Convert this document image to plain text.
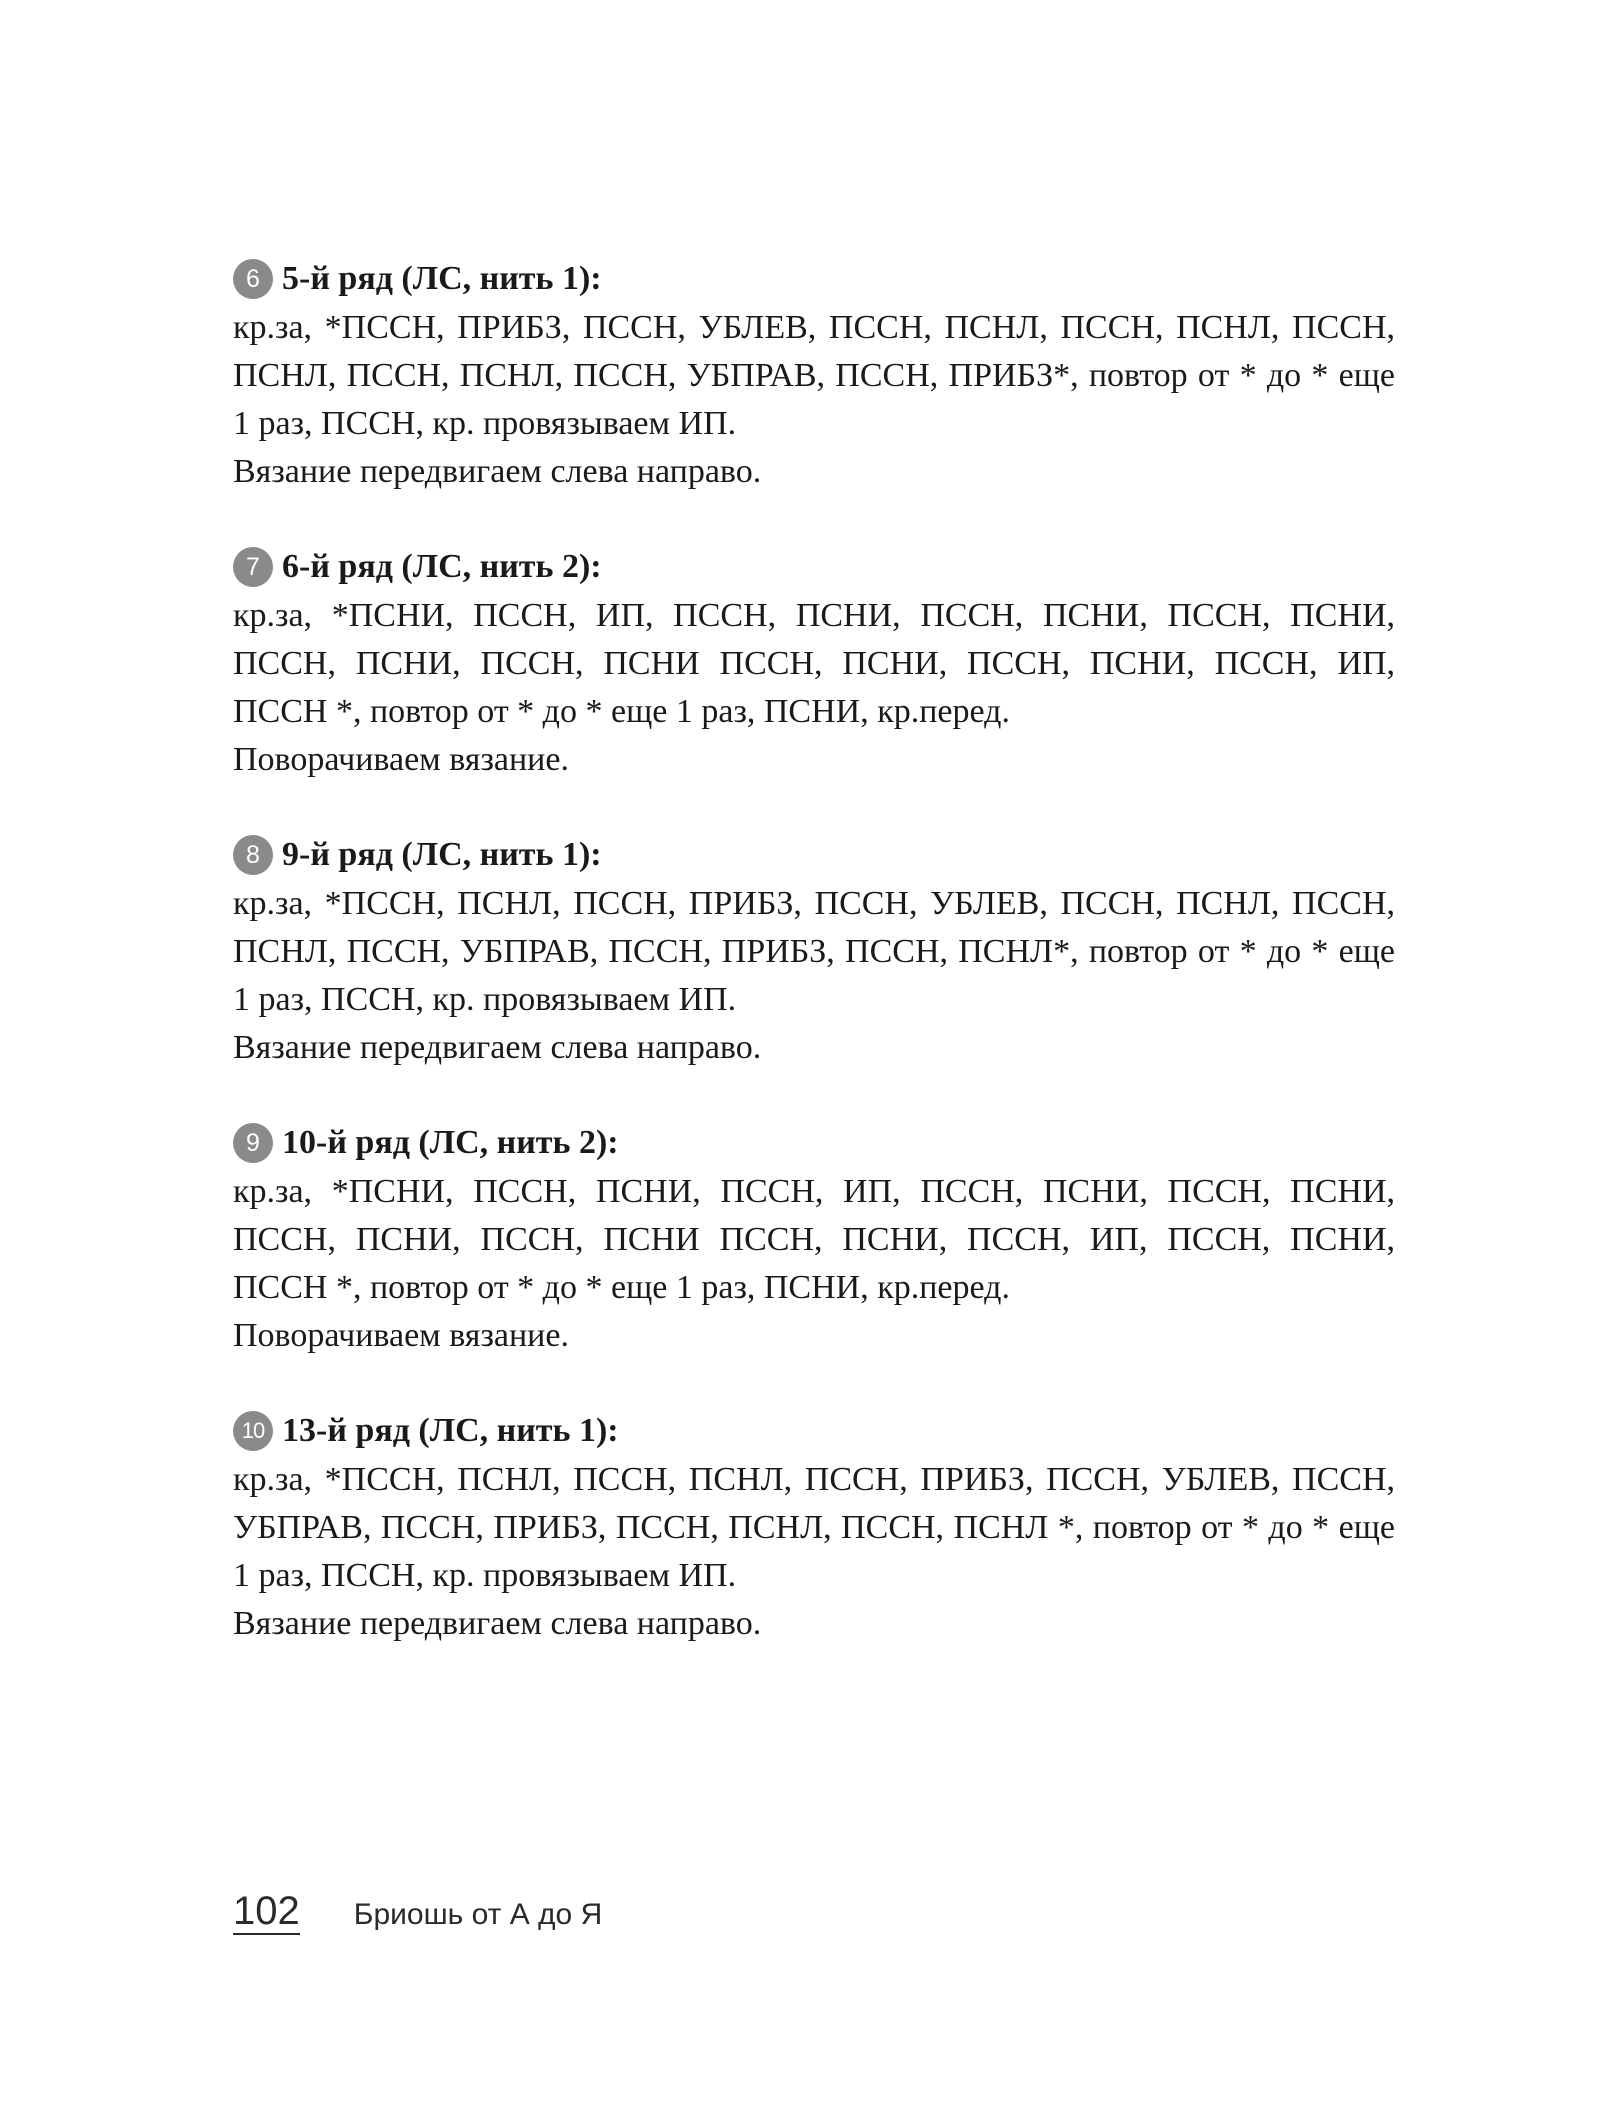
6 5-й ряд (ЛС, нить 1):
кр.за, *ПССН, ПРИБЗ, ПССН, УБЛЕВ, ПССН, ПСНЛ, ПССН, ПСНЛ, ПССН, ПСНЛ, ПССН, ПСНЛ, ПССН, УБПРАВ, ПССН, ПРИБЗ*, повтор от * до * еще 1 раз, ПССН, кр. провязываем ИП.
Вязание передвигаем слева направо.
7 6-й ряд (ЛС, нить 2):
кр.за, *ПСНИ, ПССН, ИП, ПССН, ПСНИ, ПССН, ПСНИ, ПССН, ПСНИ, ПССН, ПСНИ, ПССН, ПСНИ ПССН, ПСНИ, ПССН, ПСНИ, ПССН, ИП, ПССН *, повтор от * до * еще 1 раз, ПСНИ, кр.перед.
Поворачиваем вязание.
8 9-й ряд (ЛС, нить 1):
кр.за, *ПССН, ПСНЛ, ПССН, ПРИБЗ, ПССН, УБЛЕВ, ПССН, ПСНЛ, ПССН, ПСНЛ, ПССН, УБПРАВ, ПССН, ПРИБЗ, ПССН, ПСНЛ*, повтор от * до * еще 1 раз, ПССН, кр. провязываем ИП.
Вязание передвигаем слева направо.
9 10-й ряд (ЛС, нить 2):
кр.за, *ПСНИ, ПССН, ПСНИ, ПССН, ИП, ПССН, ПСНИ, ПССН, ПСНИ, ПССН, ПСНИ, ПССН, ПСНИ ПССН, ПСНИ, ПССН, ИП, ПССН, ПСНИ, ПССН *, повтор от * до * еще 1 раз, ПСНИ, кр.перед.
Поворачиваем вязание.
10 13-й ряд (ЛС, нить 1):
кр.за, *ПССН, ПСНЛ, ПССН, ПСНЛ, ПССН, ПРИБЗ, ПССН, УБЛЕВ, ПССН, УБПРАВ, ПССН, ПРИБЗ, ПССН, ПСНЛ, ПССН, ПСНЛ *, повтор от * до * еще 1 раз, ПССН, кр. провязываем ИП.
Вязание передвигаем слева направо.
102 Бриошь от А до Я
